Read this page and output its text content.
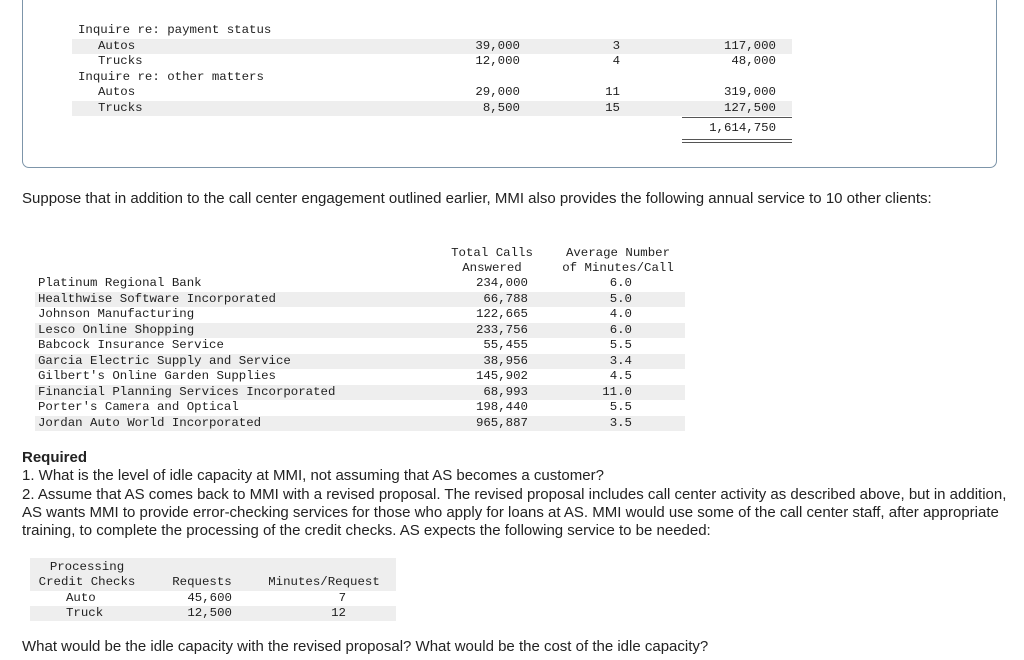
Inquire re: payment status
Autos	39,000	3	117,000
Trucks	12,000	4	48,000
Inquire re: other matters
Autos	29,000	11	319,000
Trucks	8,500	15	127,500
1,614,750
Suppose that in addition to the call center engagement outlined earlier, MMI also provides the following annual service to 10 other clients:
Total Calls
Answered
Average Number
of Minutes/Call
Platinum Regional Bank	234,000	6.0
Healthwise Software Incorporated	66,788	5.0
Johnson Manufacturing	122,665	4.0
Lesco Online Shopping	233,756	6.0
Babcock Insurance Service	55,455	5.5
Garcia Electric Supply and Service	38,956	3.4
Gilbert's Online Garden Supplies	145,902	4.5
Financial Planning Services Incorporated	68,993	11.0
Porter's Camera and Optical	198,440	5.5
Jordan Auto World Incorporated	965,887	3.5
Required
1. What is the level of idle capacity at MMI, not assuming that AS becomes a customer?
2. Assume that AS comes back to MMI with a revised proposal. The revised proposal includes call center activity as described above, but in addition, AS wants MMI to provide error-checking services for those who apply for loans at AS. MMI would use some of the call center staff, after appropriate training, to complete the processing of the credit checks. AS expects the following service to be needed:
Processing
Credit Checks	Requests	Minutes/Request
Auto	45,600	7
Truck	12,500	12
What would be the idle capacity with the revised proposal? What would be the cost of the idle capacity?
